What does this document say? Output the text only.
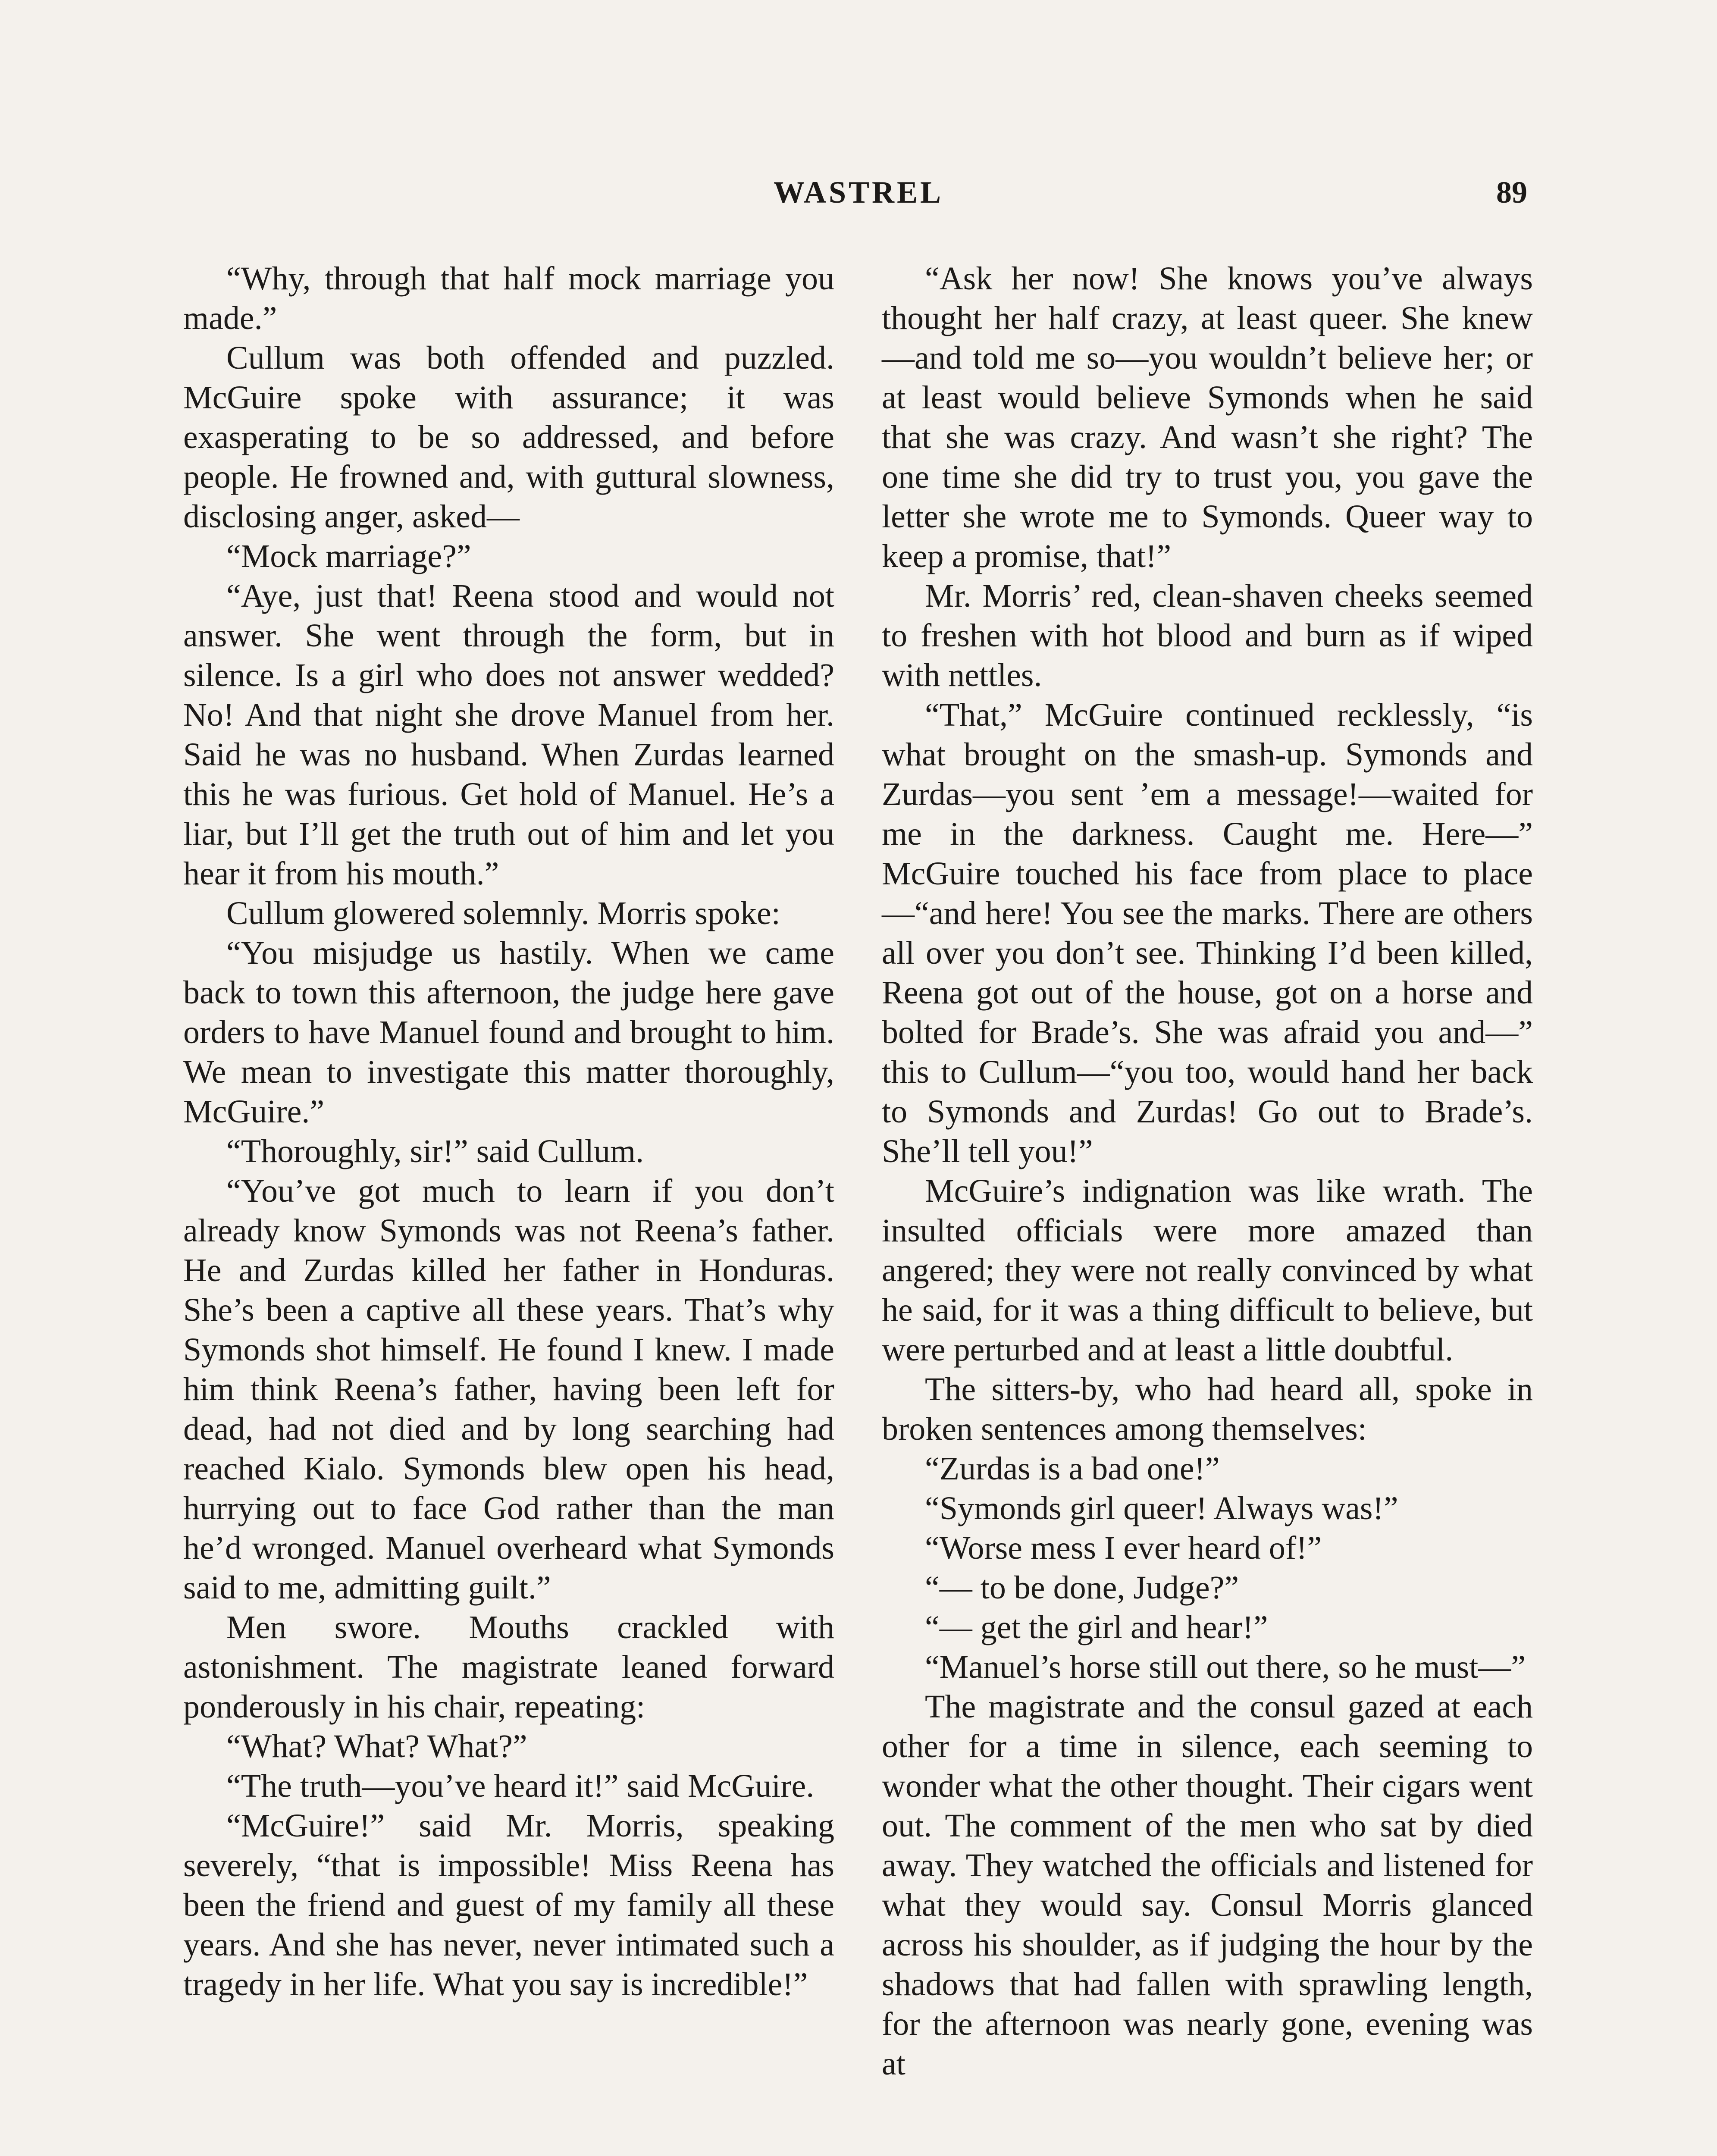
WASTREL	89

“Why, through that half mock marriage you made.”

Cullum was both offended and puzzled. McGuire spoke with assurance; it was exasperating to be so addressed, and before people. He frowned and, with guttural slowness, disclosing anger, asked—

“Mock marriage?”

“Aye, just that! Reena stood and would not answer. She went through the form, but in silence. Is a girl who does not answer wedded? No! And that night she drove Manuel from her. Said he was no husband. When Zurdas learned this he was furious. Get hold of Manuel. He’s a liar, but I’ll get the truth out of him and let you hear it from his mouth.”

Cullum glowered solemnly. Morris spoke:

“You misjudge us hastily. When we came back to town this afternoon, the judge here gave orders to have Manuel found and brought to him. We mean to investigate this matter thoroughly, McGuire.”

“Thoroughly, sir!” said Cullum.

“You’ve got much to learn if you don’t already know Symonds was not Reena’s father. He and Zurdas killed her father in Honduras. She’s been a captive all these years. That’s why Symonds shot himself. He found I knew. I made him think Reena’s father, having been left for dead, had not died and by long searching had reached Kialo. Symonds blew open his head, hurrying out to face God rather than the man he’d wronged. Manuel overheard what Symonds said to me, admitting guilt.”

Men swore. Mouths crackled with astonishment. The magistrate leaned forward ponderously in his chair, repeating:

“What? What? What?”

“The truth—you’ve heard it!” said McGuire.

“McGuire!” said Mr. Morris, speaking severely, “that is impossible! Miss Reena has been the friend and guest of my family all these years. And she has never, never intimated such a tragedy in her life. What you say is incredible!”

“Ask her now! She knows you’ve always thought her half crazy, at least queer. She knew—and told me so—you wouldn’t believe her; or at least would believe Symonds when he said that she was crazy. And wasn’t she right? The one time she did try to trust you, you gave the letter she wrote me to Symonds. Queer way to keep a promise, that!”

Mr. Morris’ red, clean-shaven cheeks seemed to freshen with hot blood and burn as if wiped with nettles.

“That,” McGuire continued recklessly, “is what brought on the smash-up. Symonds and Zurdas—you sent ’em a message!—waited for me in the darkness. Caught me. Here—” McGuire touched his face from place to place—“and here! You see the marks. There are others all over you don’t see. Thinking I’d been killed, Reena got out of the house, got on a horse and bolted for Brade’s. She was afraid you and—” this to Cullum—“you too, would hand her back to Symonds and Zurdas! Go out to Brade’s. She’ll tell you!”

McGuire’s indignation was like wrath. The insulted officials were more amazed than angered; they were not really convinced by what he said, for it was a thing difficult to believe, but were perturbed and at least a little doubtful.

The sitters-by, who had heard all, spoke in broken sentences among themselves:

“Zurdas is a bad one!”

“Symonds girl queer! Always was!”

“Worse mess I ever heard of!”

“— to be done, Judge?”

“— get the girl and hear!”

“Manuel’s horse still out there, so he must—”

The magistrate and the consul gazed at each other for a time in silence, each seeming to wonder what the other thought. Their cigars went out. The comment of the men who sat by died away. They watched the officials and listened for what they would say. Consul Morris glanced across his shoulder, as if judging the hour by the shadows that had fallen with sprawling length, for the afternoon was nearly gone, evening was at
